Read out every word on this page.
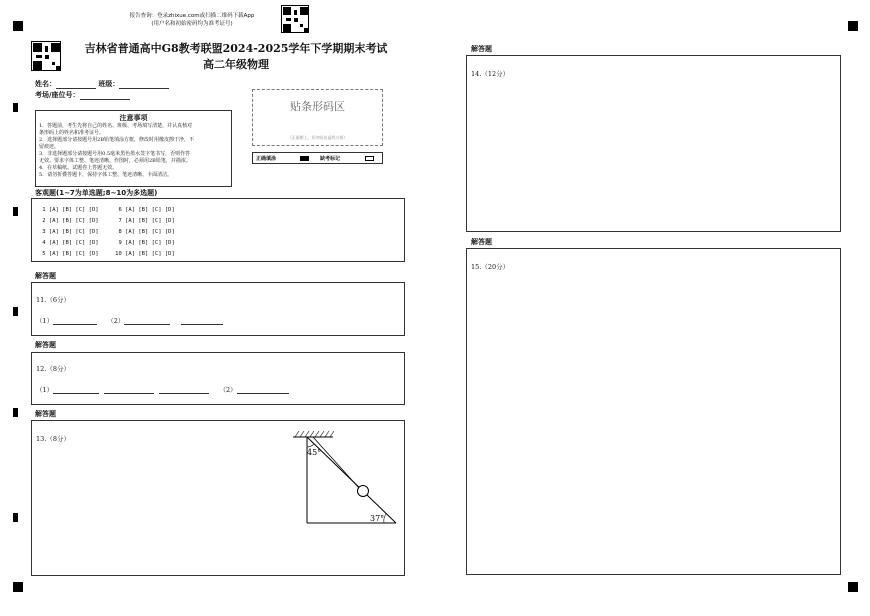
报告查询：登录zhixue.com或扫描二维码下载App
(用户名和初始密码均为准考证号)
吉林省普通高中G8教考联盟2024-2025学年下学期期末考试
高二年级物理
姓名：	班级：
考场/座位号：
注意事项
1．答题前，考生先将自己的姓名、班级、考场填写清楚，并认真核对
条形码上的姓名和准考证号。
2．选择题部分请按题号用2B铅笔填涂方框，修改时用橡皮擦干净，不
留痕迹。
3．非选择题部分请按题号用0.5毫米黑色墨水签字笔书写，否则作答
无效。要求字体工整、笔迹清晰。作图时，必须用2B铅笔，并描浓。
4．在草稿纸、试题卷上答题无效。
5．请勿折叠答题卡，保持字体工整、笔迹清晰、卡面清洁。
贴条形码区
（正面朝上，切勿贴出虚线方框）
正确填涂	缺考标记
客观题(1~7为单选题;8~10为多选题)
1 [A] [B] [C] [D]      6 [A] [B] [C] [D]
2 [A] [B] [C] [D]      7 [A] [B] [C] [D]
3 [A] [B] [C] [D]      8 [A] [B] [C] [D]
4 [A] [B] [C] [D]      9 [A] [B] [C] [D]
5 [A] [B] [C] [D]     10 [A] [B] [C] [D]
解答题
11.（6分）
（1）	（2）
解答题
12.（8分）
（1）	（2）
解答题
13.（8分）
45°
37°
解答题
14.（12分）
解答题
15.（20分）
